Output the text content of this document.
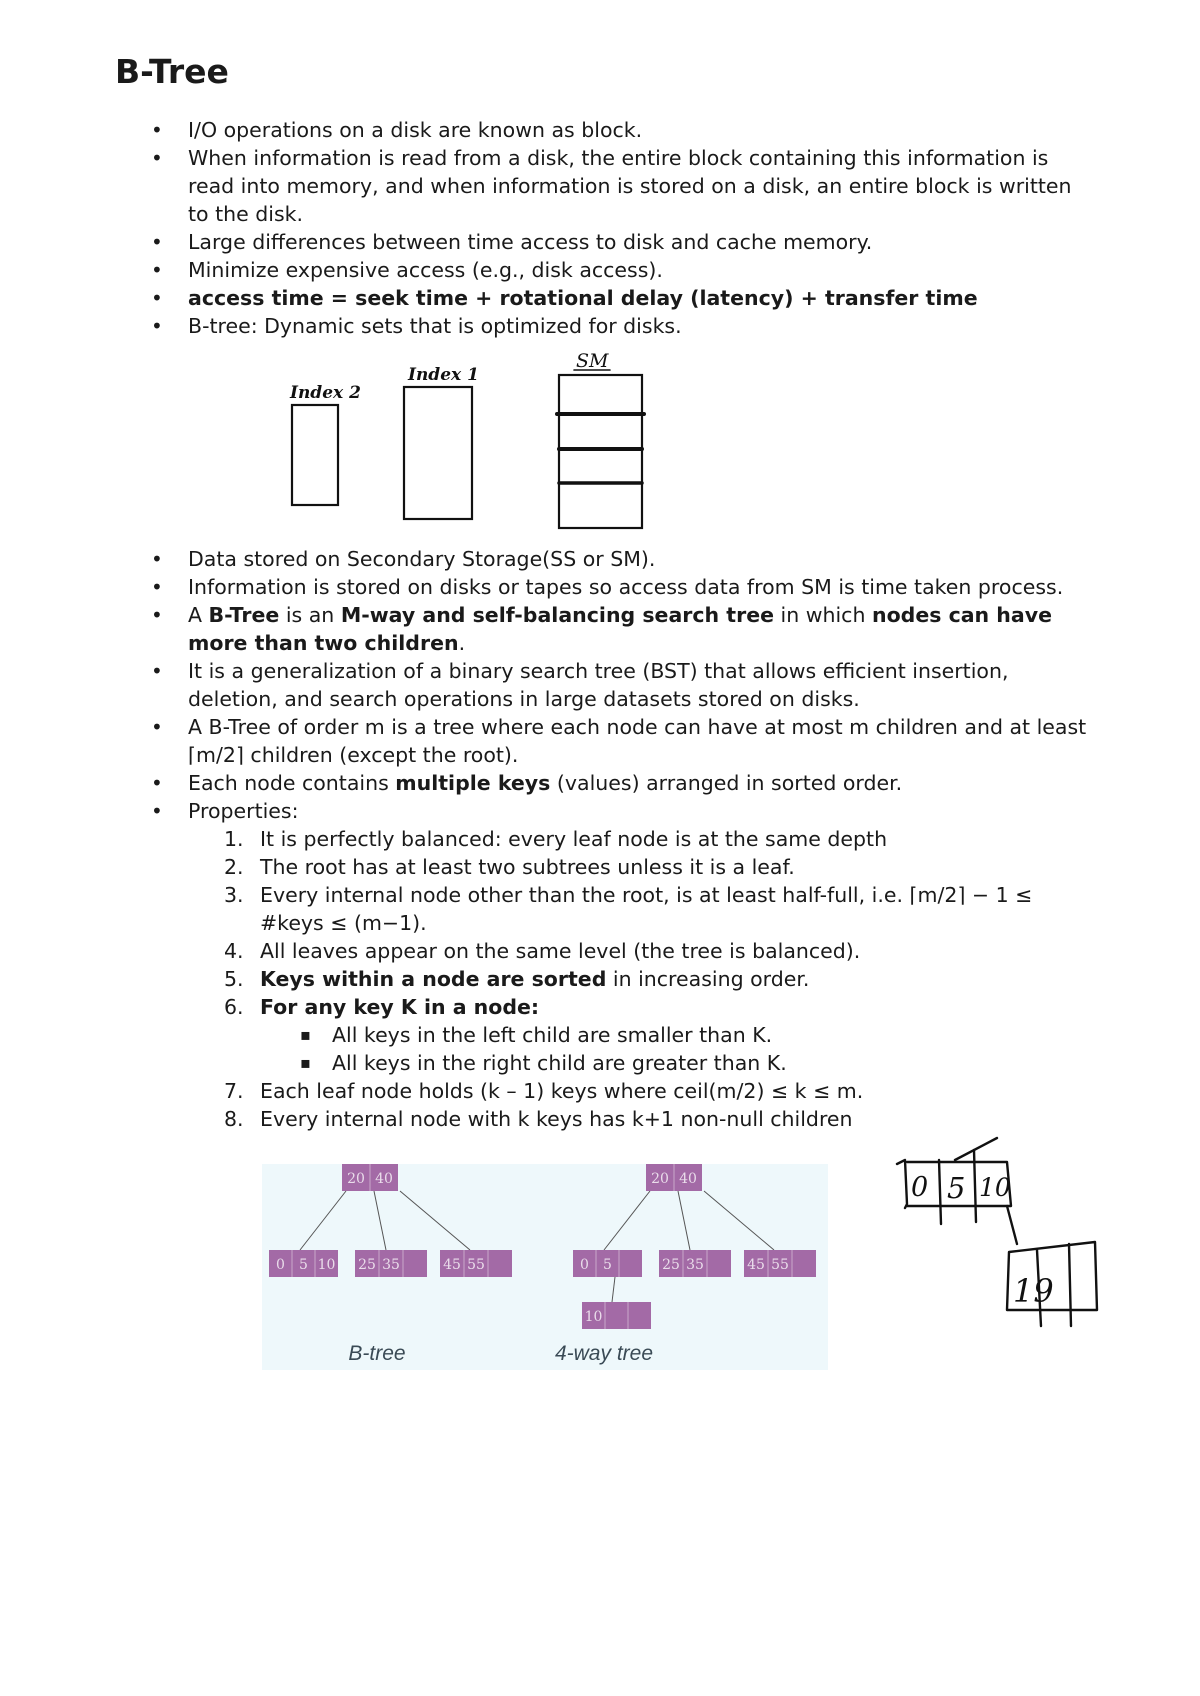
B-Tree
• I/O operations on a disk are known as block.
• When information is read from a disk, the entire block containing this information is read into memory, and when information is stored on a disk, an entire block is written to the disk.
• Large differences between time access to disk and cache memory.
• Minimize expensive access (e.g., disk access).
• access time = seek time + rotational delay (latency) + transfer time
• B-tree: Dynamic sets that is optimized for disks.
Index 2
Index 1
SM
• Data stored on Secondary Storage(SS or SM).
• Information is stored on disks or tapes so access data from SM is time taken process.
• A B-Tree is an M-way and self-balancing search tree in which nodes can have more than two children.
• It is a generalization of a binary search tree (BST) that allows efficient insertion, deletion, and search operations in large datasets stored on disks.
• A B-Tree of order m is a tree where each node can have at most m children and at least ⌈m/2⌉ children (except the root).
• Each node contains multiple keys (values) arranged in sorted order.
• Properties:
1. It is perfectly balanced: every leaf node is at the same depth
2. The root has at least two subtrees unless it is a leaf.
3. Every internal node other than the root, is at least half-full, i.e. ⌈m/2⌉ − 1 ≤ #keys ≤ (m−1).
4. All leaves appear on the same level (the tree is balanced).
5. Keys within a node are sorted in increasing order.
6. For any key K in a node:
▪ All keys in the left child are smaller than K.
▪ All keys in the right child are greater than K.
7. Each leaf node holds (k – 1) keys where ceil(m/2) ≤ k ≤ m.
8. Every internal node with k keys has k+1 non-null children
20 40
0 5 10 25 35	45 55
20 40
0 5	25 35	45 55
10
B-tree	4-way tree
0 5 10
19
